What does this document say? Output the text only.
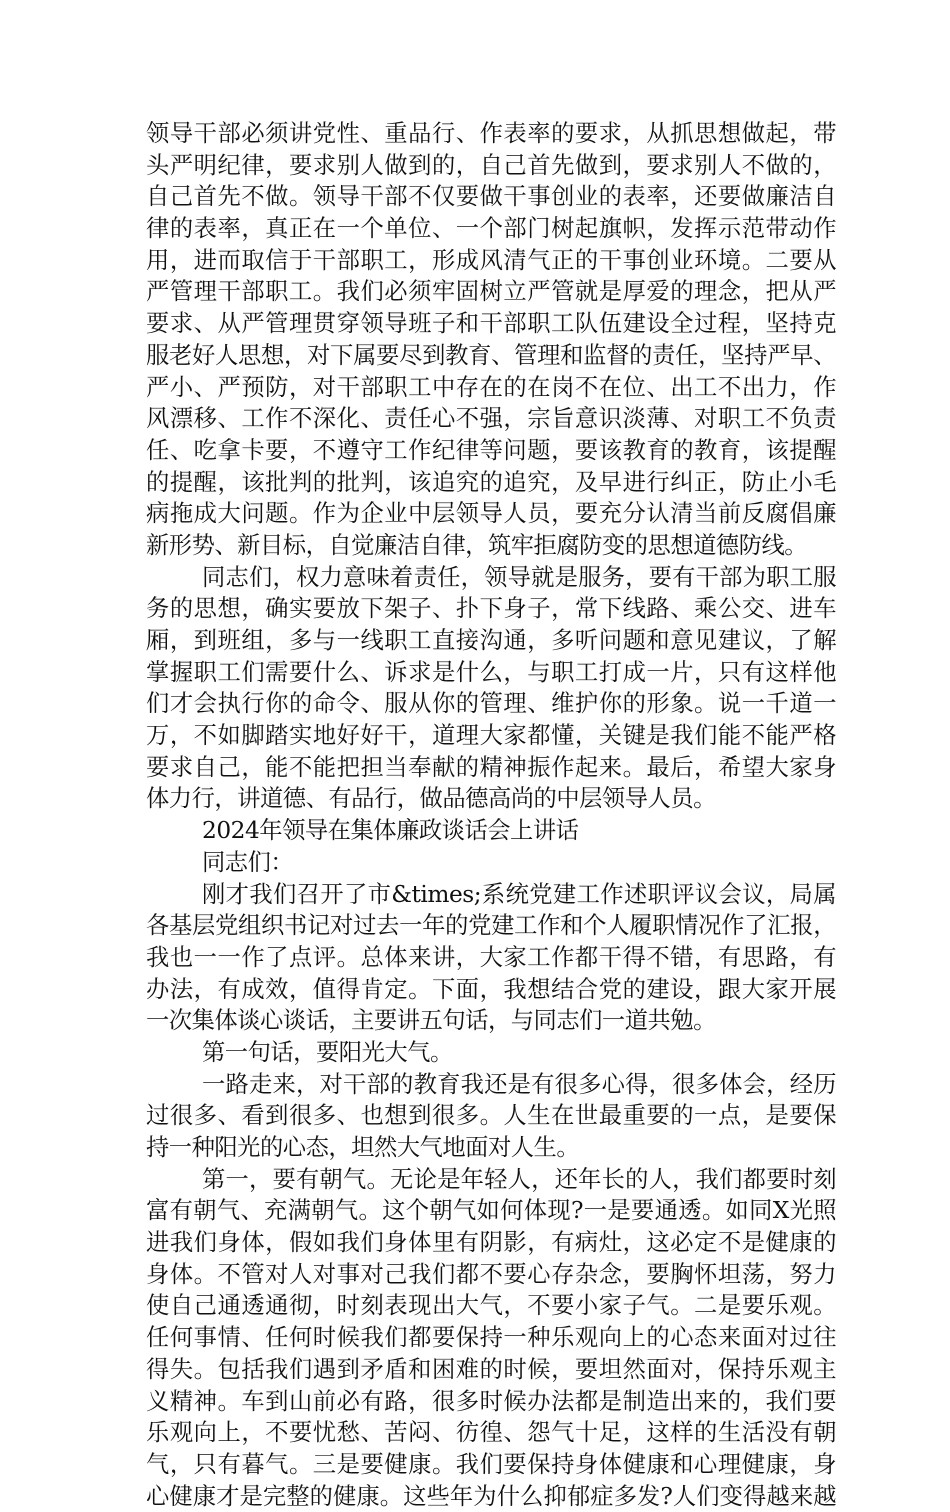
领导干部必须讲党性、重品行、作表率的要求，从抓思想做起，带
头严明纪律，要求别人做到的，自己首先做到，要求别人不做的，
自己首先不做。领导干部不仅要做干事创业的表率，还要做廉洁自
律的表率，真正在一个单位、一个部门树起旗帜，发挥示范带动作
用，进而取信于干部职工，形成风清气正的干事创业环境。二要从
严管理干部职工。我们必须牢固树立严管就是厚爱的理念，把从严
要求、从严管理贯穿领导班子和干部职工队伍建设全过程，坚持克
服老好人思想，对下属要尽到教育、管理和监督的责任，坚持严早、
严小、严预防，对干部职工中存在的在岗不在位、出工不出力，作
风漂移、工作不深化、责任心不强，宗旨意识淡薄、对职工不负责
任、吃拿卡要，不遵守工作纪律等问题，要该教育的教育，该提醒
的提醒，该批判的批判，该追究的追究，及早进行纠正，防止小毛
病拖成大问题。作为企业中层领导人员，要充分认清当前反腐倡廉
新形势、新目标，自觉廉洁自律，筑牢拒腐防变的思想道德防线。
同志们，权力意味着责任，领导就是服务，要有干部为职工服
务的思想，确实要放下架子、扑下身子，常下线路、乘公交、进车
厢，到班组，多与一线职工直接沟通，多听问题和意见建议，了解
掌握职工们需要什么、诉求是什么，与职工打成一片，只有这样他
们才会执行你的命令、服从你的管理、维护你的形象。说一千道一
万，不如脚踏实地好好干，道理大家都懂，关键是我们能不能严格
要求自己，能不能把担当奉献的精神振作起来。最后，希望大家身
体力行，讲道德、有品行，做品德高尚的中层领导人员。
2024年领导在集体廉政谈话会上讲话
同志们：
刚才我们召开了市&times;系统党建工作述职评议会议，局属
各基层党组织书记对过去一年的党建工作和个人履职情况作了汇报，
我也一一作了点评。总体来讲，大家工作都干得不错，有思路，有
办法，有成效，值得肯定。下面，我想结合党的建设，跟大家开展
一次集体谈心谈话，主要讲五句话，与同志们一道共勉。
第一句话，要阳光大气。
一路走来，对干部的教育我还是有很多心得，很多体会，经历
过很多、看到很多、也想到很多。人生在世最重要的一点，是要保
持一种阳光的心态，坦然大气地面对人生。
第一，要有朝气。无论是年轻人，还年长的人，我们都要时刻
富有朝气、充满朝气。这个朝气如何体现?一是要通透。如同X光照
进我们身体，假如我们身体里有阴影，有病灶，这必定不是健康的
身体。不管对人对事对己我们都不要心存杂念，要胸怀坦荡，努力
使自己通透通彻，时刻表现出大气，不要小家子气。二是要乐观。
任何事情、任何时候我们都要保持一种乐观向上的心态来面对过往
得失。包括我们遇到矛盾和困难的时候，要坦然面对，保持乐观主
义精神。车到山前必有路，很多时候办法都是制造出来的，我们要
乐观向上，不要忧愁、苦闷、彷徨、怨气十足，这样的生活没有朝
气，只有暮气。三是要健康。我们要保持身体健康和心理健康，身
心健康才是完整的健康。这些年为什么抑郁症多发?人们变得越来越
